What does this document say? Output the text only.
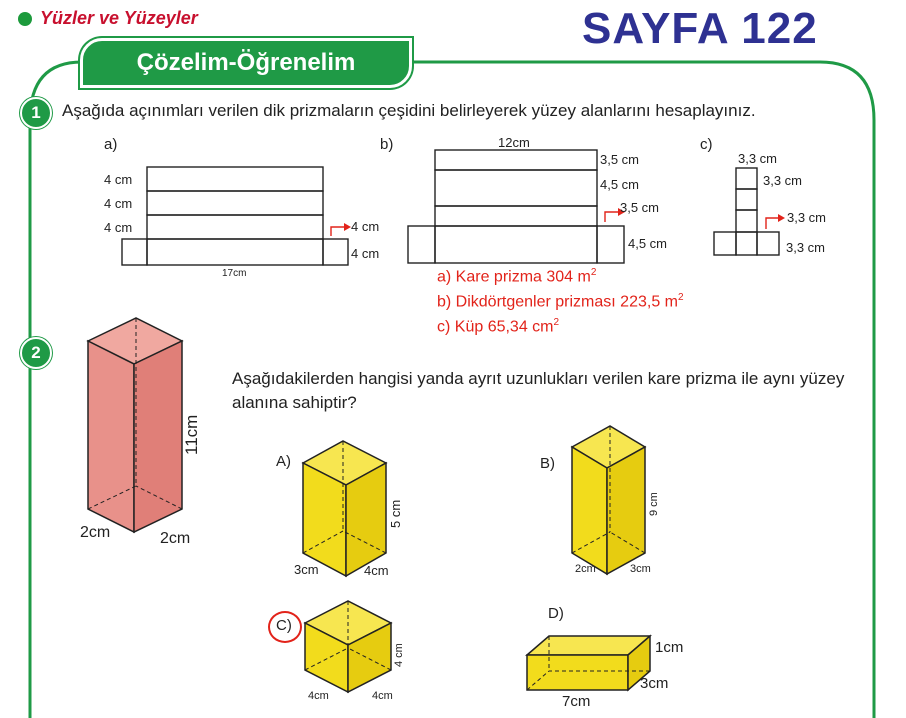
Yüzler ve Yüzeyler
Çözelim-Öğrenelim
SAYFA 122
1	Aşağıda açınımları verilen dik prizmaların çeşidini belirleyerek yüzey alanlarını hesaplayınız.
a)
4 cm
4 cm
4 cm	4 cm
4 cm
17cm
b)	12cm
3,5 cm
4,5 cm
3,5 cm
4,5 cm
c)
3,3 cm
3,3 cm
3,3 cm
3,3 cm
a) Kare prizma 304 $m^2$
b) Dikdörtgenler prizması 223,5 $m^2$
c) Küp 65,34 $cm^2$
2
Aşağıdakilerden hangisi yanda ayrıt uzunlukları verilen kare prizma ile aynı yüzey alanına sahiptir?
11cm
2cm	2cm
A)
5 cm
3cm	4cm
B)
9 cm
2cm	3cm
C)
4 cm
4cm	4cm
D)
1cm
7cm
3cm
